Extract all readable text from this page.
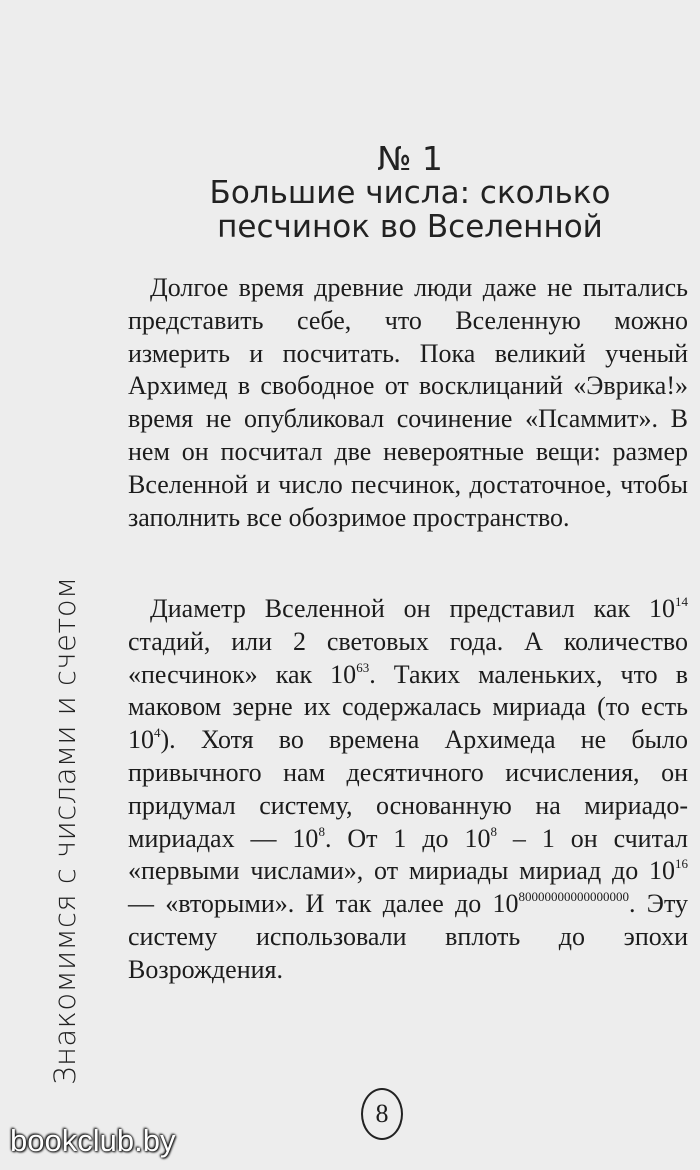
Знакомимся с числами и счетом
№ 1
Большие числа: сколько песчинок во Вселенной

Долгое время древние люди даже не пытались представить себе, что Вселенную можно измерить и посчитать. Пока великий ученый Архимед в свободное от восклицаний «Эврика!» время не опубликовал сочинение «Псаммит». В нем он посчитал две невероятные вещи: размер Вселенной и число песчинок, достаточное, чтобы заполнить все обозримое пространство.

Диаметр Вселенной он представил как $10^{14}$ стадий, или 2 световых года. А количество «песчинок» как $10^{63}$. Таких маленьких, что в маковом зерне их содержалась мириада (то есть $10^4$). Хотя во времена Архимеда не было привычного нам десятичного исчисления, он придумал систему, основанную на мириадо-мириадах — $10^8$. От 1 до $10^8 - 1$ он считал «первыми числами», от мириады мириад до $10^{16}$ — «вторыми». И так далее до $10^{80000000000000000}$. Эту систему использовали вплоть до эпохи Возрождения.

8
bookclub.by
